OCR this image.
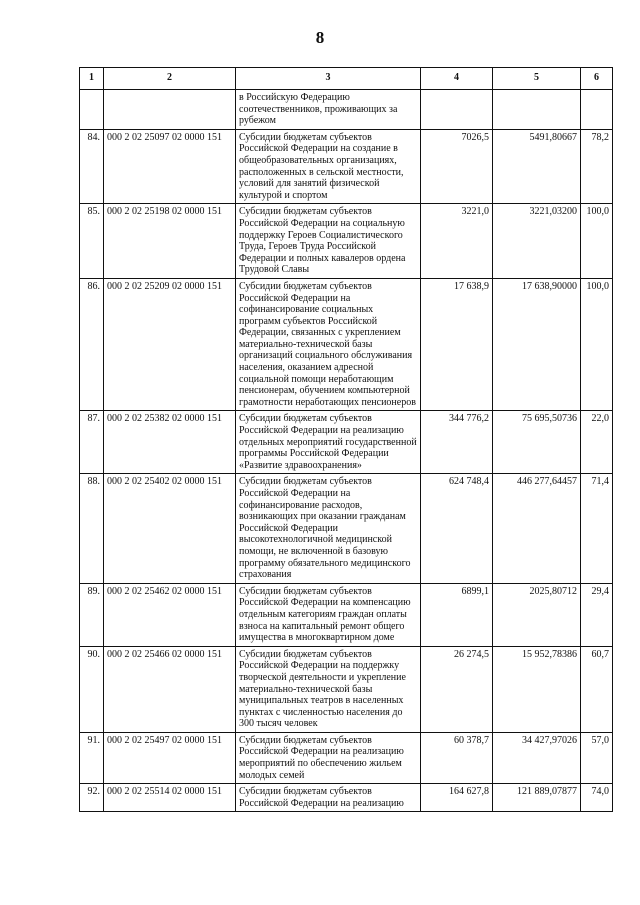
8
1	2	3	4	5	6
		в Российскую Федерацию соотечественников, проживающих за рубежом			
84.	000 2 02 25097 02 0000 151	Субсидии бюджетам субъектов Российской Федерации на создание в общеобразовательных организациях, расположенных в сельской местности, условий для занятий физической культурой и спортом	7026,5	5491,80667	78,2
85.	000 2 02 25198 02 0000 151	Субсидии бюджетам субъектов Российской Федерации на социальную поддержку Героев Социалистического Труда, Героев Труда Российской Федерации и полных кавалеров ордена Трудовой Славы	3221,0	3221,03200	100,0
86.	000 2 02 25209 02 0000 151	Субсидии бюджетам субъектов Российской Федерации на софинансирование социальных программ субъектов Российской Федерации, связанных с укреплением материально-технической базы организаций социального обслуживания населения, оказанием адресной социальной помощи неработающим пенсионерам, обучением компьютерной грамотности неработающих пенсионеров	17 638,9	17 638,90000	100,0
87.	000 2 02 25382 02 0000 151	Субсидии бюджетам субъектов Российской Федерации на реализацию отдельных мероприятий государственной программы Российской Федерации «Развитие здравоохранения»	344 776,2	75 695,50736	22,0
88.	000 2 02 25402 02 0000 151	Субсидии бюджетам субъектов Российской Федерации на софинансирование расходов, возникающих при оказании гражданам Российской Федерации высокотехнологичной медицинской помощи, не включенной в базовую программу обязательного медицинского страхования	624 748,4	446 277,64457	71,4
89.	000 2 02 25462 02 0000 151	Субсидии бюджетам субъектов Российской Федерации на компенсацию отдельным категориям граждан оплаты взноса на капитальный ремонт общего имущества в многоквартирном доме	6899,1	2025,80712	29,4
90.	000 2 02 25466 02 0000 151	Субсидии бюджетам субъектов Российской Федерации на поддержку творческой деятельности и укрепление материально-технической базы муниципальных театров в населенных пунктах с численностью населения до 300 тысяч человек	26 274,5	15 952,78386	60,7
91.	000 2 02 25497 02 0000 151	Субсидии бюджетам субъектов Российской Федерации на реализацию мероприятий по обеспечению жильем молодых семей	60 378,7	34 427,97026	57,0
92.	000 2 02 25514 02 0000 151	Субсидии бюджетам субъектов Российской Федерации на реализацию	164 627,8	121 889,07877	74,0
